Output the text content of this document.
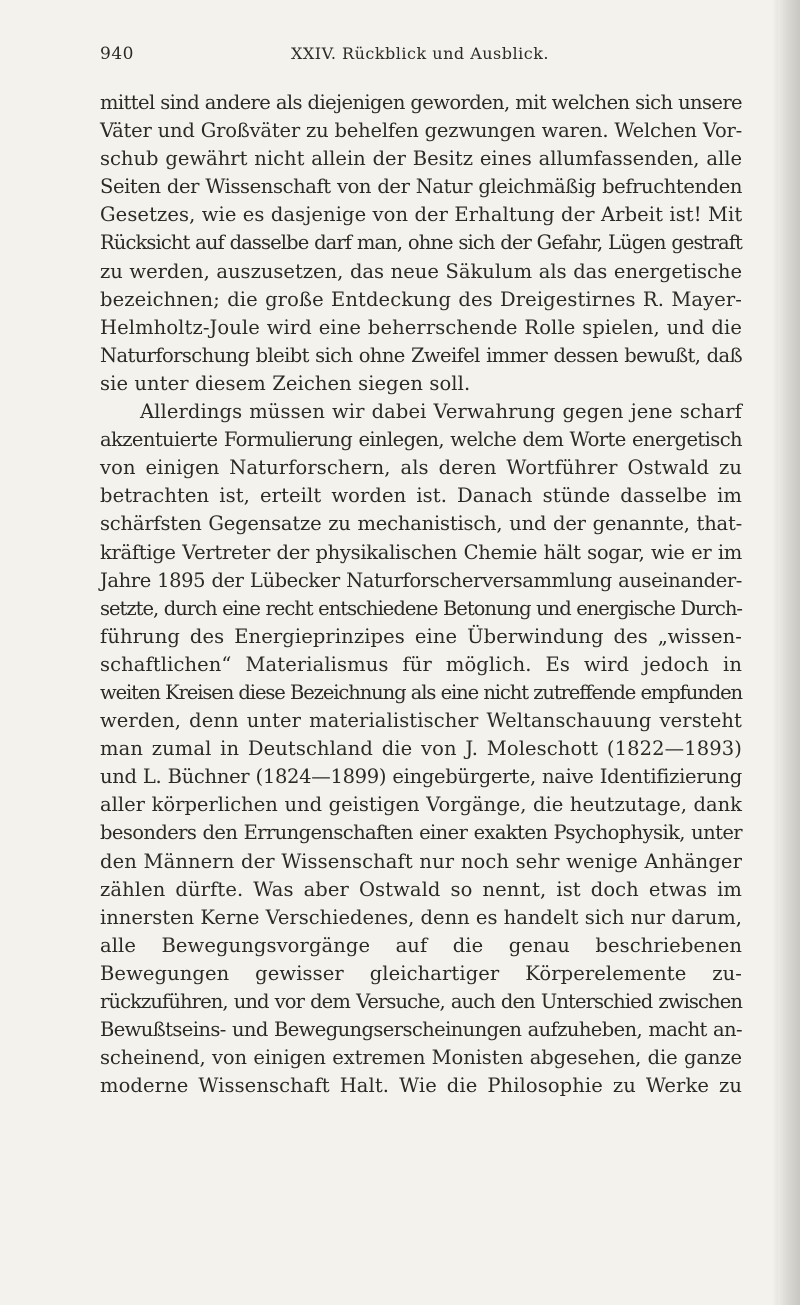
XXIV. Rückblick und Ausblick.
940
mittel sind andere als diejenigen geworden, mit welchen sich unsere
Väter und Großväter zu behelfen gezwungen waren. Welchen Vor-
schub gewährt nicht allein der Besitz eines allumfassenden, alle
Seiten der Wissenschaft von der Natur gleichmäßig befruchtenden
Gesetzes, wie es dasjenige von der Erhaltung der Arbeit ist! Mit
Rücksicht auf dasselbe darf man, ohne sich der Gefahr, Lügen gestraft
zu werden, auszusetzen, das neue Säkulum als das energetische
bezeichnen; die große Entdeckung des Dreigestirnes R. Mayer-
Helmholtz-Joule wird eine beherrschende Rolle spielen, und die
Naturforschung bleibt sich ohne Zweifel immer dessen bewußt, daß
sie unter diesem Zeichen siegen soll.
Allerdings müssen wir dabei Verwahrung gegen jene scharf
akzentuierte Formulierung einlegen, welche dem Worte energetisch
von einigen Naturforschern, als deren Wortführer Ostwald zu
betrachten ist, erteilt worden ist. Danach stünde dasselbe im
schärfsten Gegensatze zu mechanistisch, und der genannte, that-
kräftige Vertreter der physikalischen Chemie hält sogar, wie er im
Jahre 1895 der Lübecker Naturforscherversammlung auseinander-
setzte, durch eine recht entschiedene Betonung und energische Durch-
führung des Energieprinzipes eine Überwindung des „wissen-
schaftlichen“ Materialismus für möglich. Es wird jedoch in
weiten Kreisen diese Bezeichnung als eine nicht zutreffende empfunden
werden, denn unter materialistischer Weltanschauung versteht
man zumal in Deutschland die von J. Moleschott (1822—1893)
und L. Büchner (1824—1899) eingebürgerte, naive Identifizierung
aller körperlichen und geistigen Vorgänge, die heutzutage, dank
besonders den Errungenschaften einer exakten Psychophysik, unter
den Männern der Wissenschaft nur noch sehr wenige Anhänger
zählen dürfte. Was aber Ostwald so nennt, ist doch etwas im
innersten Kerne Verschiedenes, denn es handelt sich nur darum,
alle Bewegungsvorgänge auf die genau beschriebenen
Bewegungen gewisser gleichartiger Körperelemente zu-
rückzuführen, und vor dem Versuche, auch den Unterschied zwischen
Bewußtseins- und Bewegungserscheinungen aufzuheben, macht an-
scheinend, von einigen extremen Monisten abgesehen, die ganze
moderne Wissenschaft Halt. Wie die Philosophie zu Werke zu
